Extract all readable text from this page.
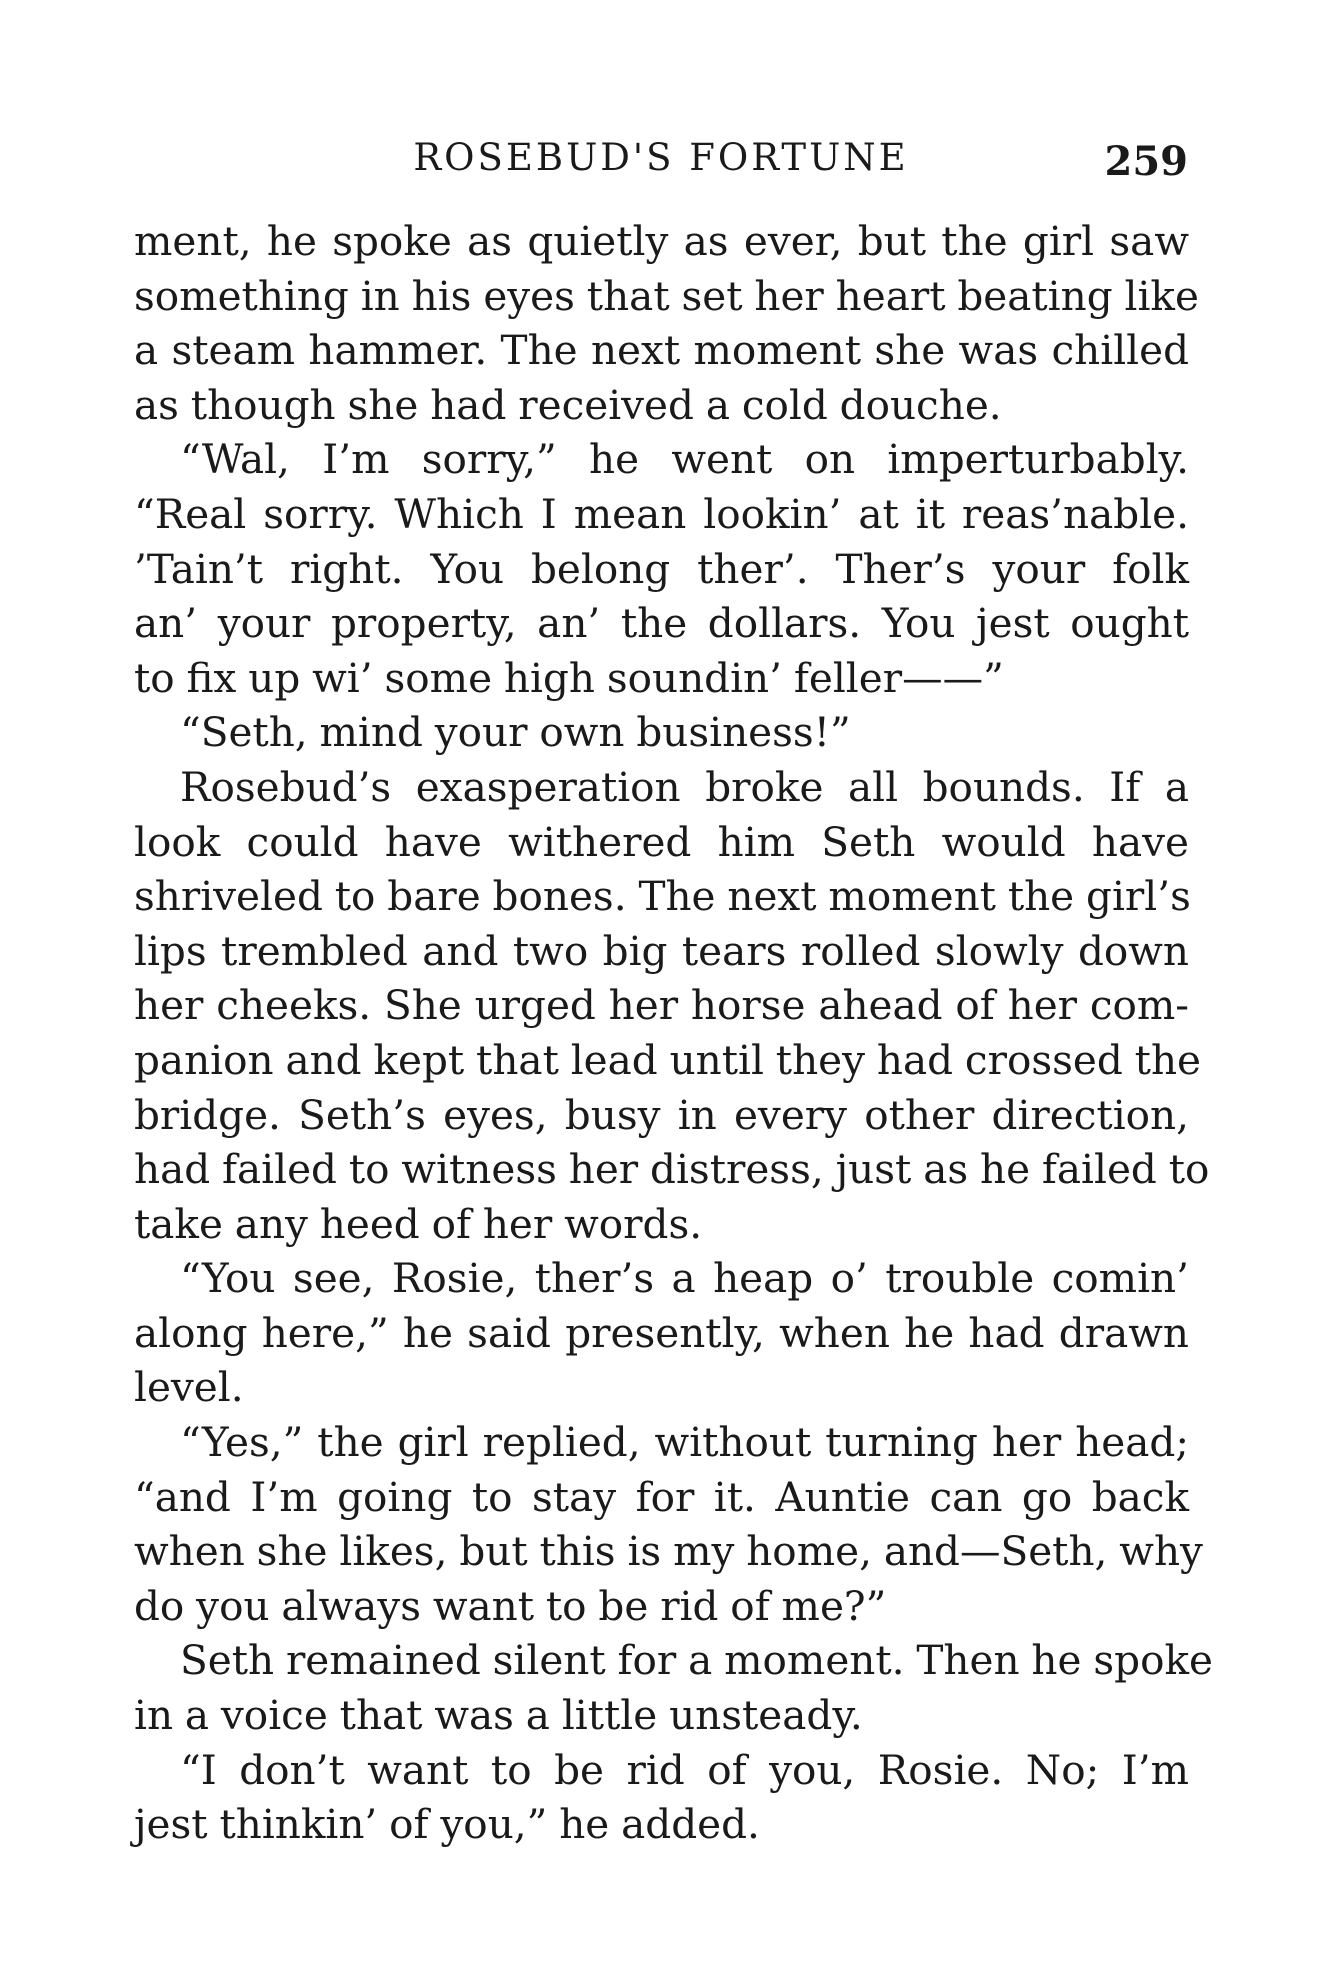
ROSEBUD'S FORTUNE	259
ment, he spoke as quietly as ever, but the girl saw
something in his eyes that set her heart beating like
a steam hammer. The next moment she was chilled
as though she had received a cold douche.
“Wal, I’m sorry,” he went on imperturbably.
“Real sorry. Which I mean lookin’ at it reas’nable.
’Tain’t right. You belong ther’. Ther’s your folk
an’ your property, an’ the dollars. You jest ought
to fix up wi’ some high soundin’ feller——”
“Seth, mind your own business!”
Rosebud’s exasperation broke all bounds. If a
look could have withered him Seth would have
shriveled to bare bones. The next moment the girl’s
lips trembled and two big tears rolled slowly down
her cheeks. She urged her horse ahead of her com-
panion and kept that lead until they had crossed the
bridge. Seth’s eyes, busy in every other direction,
had failed to witness her distress, just as he failed to
take any heed of her words.
“You see, Rosie, ther’s a heap o’ trouble comin’
along here,” he said presently, when he had drawn
level.
“Yes,” the girl replied, without turning her head;
“and I’m going to stay for it. Auntie can go back
when she likes, but this is my home, and—Seth, why
do you always want to be rid of me?”
Seth remained silent for a moment. Then he spoke
in a voice that was a little unsteady.
“I don’t want to be rid of you, Rosie. No; I’m
jest thinkin’ of you,” he added.
